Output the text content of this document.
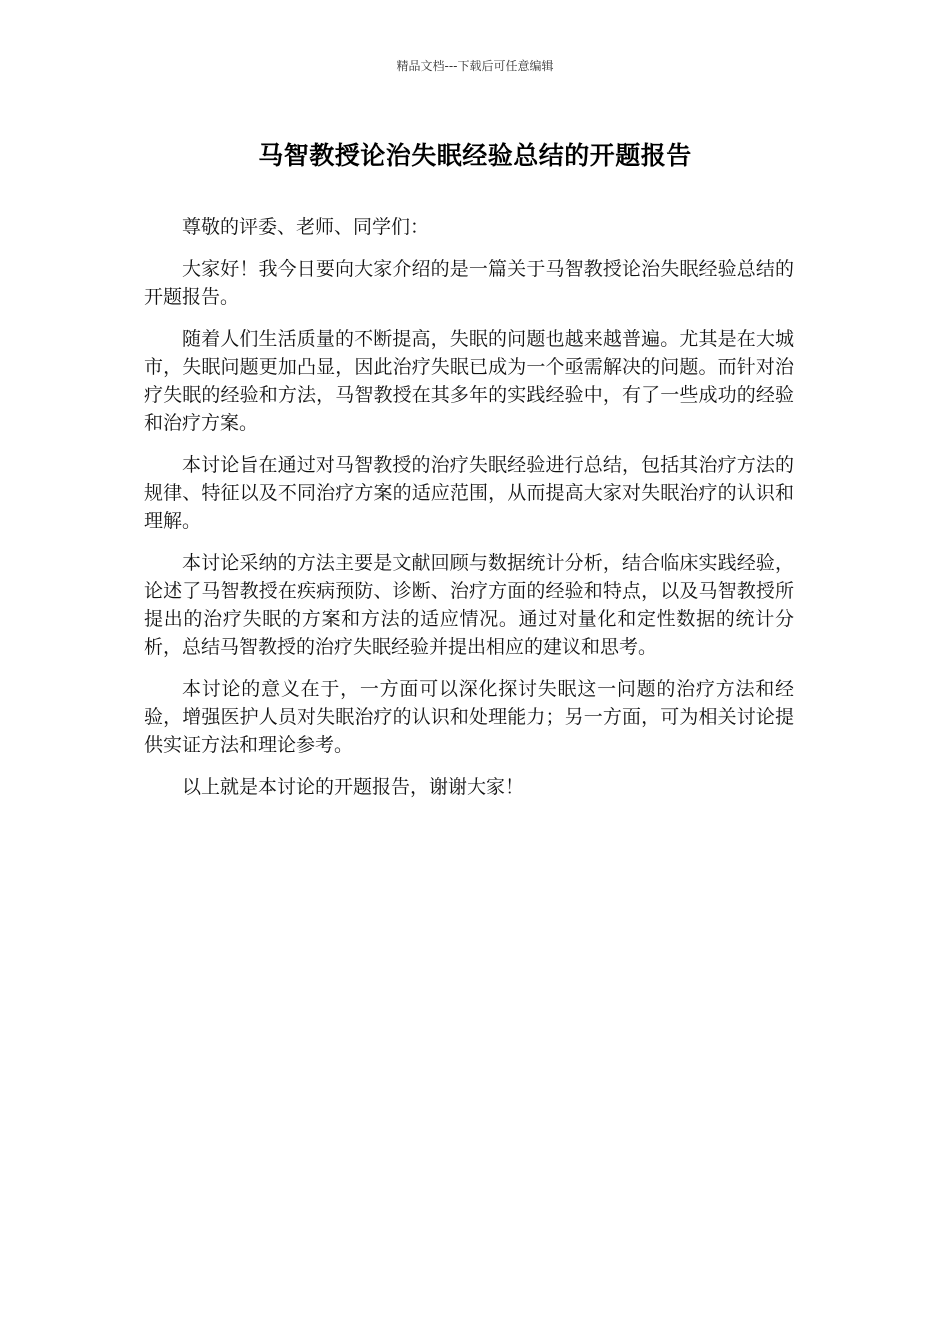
精品文档---下载后可任意编辑
马智教授论治失眠经验总结的开题报告

尊敬的评委、老师、同学们：

大家好！我今日要向大家介绍的是一篇关于马智教授论治失眠经验总结的开题报告。

随着人们生活质量的不断提高，失眠的问题也越来越普遍。尤其是在大城市，失眠问题更加凸显，因此治疗失眠已成为一个亟需解决的问题。而针对治疗失眠的经验和方法，马智教授在其多年的实践经验中，有了一些成功的经验和治疗方案。

本讨论旨在通过对马智教授的治疗失眠经验进行总结，包括其治疗方法的规律、特征以及不同治疗方案的适应范围，从而提高大家对失眠治疗的认识和理解。

本讨论采纳的方法主要是文献回顾与数据统计分析，结合临床实践经验，论述了马智教授在疾病预防、诊断、治疗方面的经验和特点，以及马智教授所提出的治疗失眠的方案和方法的适应情况。通过对量化和定性数据的统计分析，总结马智教授的治疗失眠经验并提出相应的建议和思考。

本讨论的意义在于，一方面可以深化探讨失眠这一问题的治疗方法和经验，增强医护人员对失眠治疗的认识和处理能力；另一方面，可为相关讨论提供实证方法和理论参考。

以上就是本讨论的开题报告，谢谢大家！
